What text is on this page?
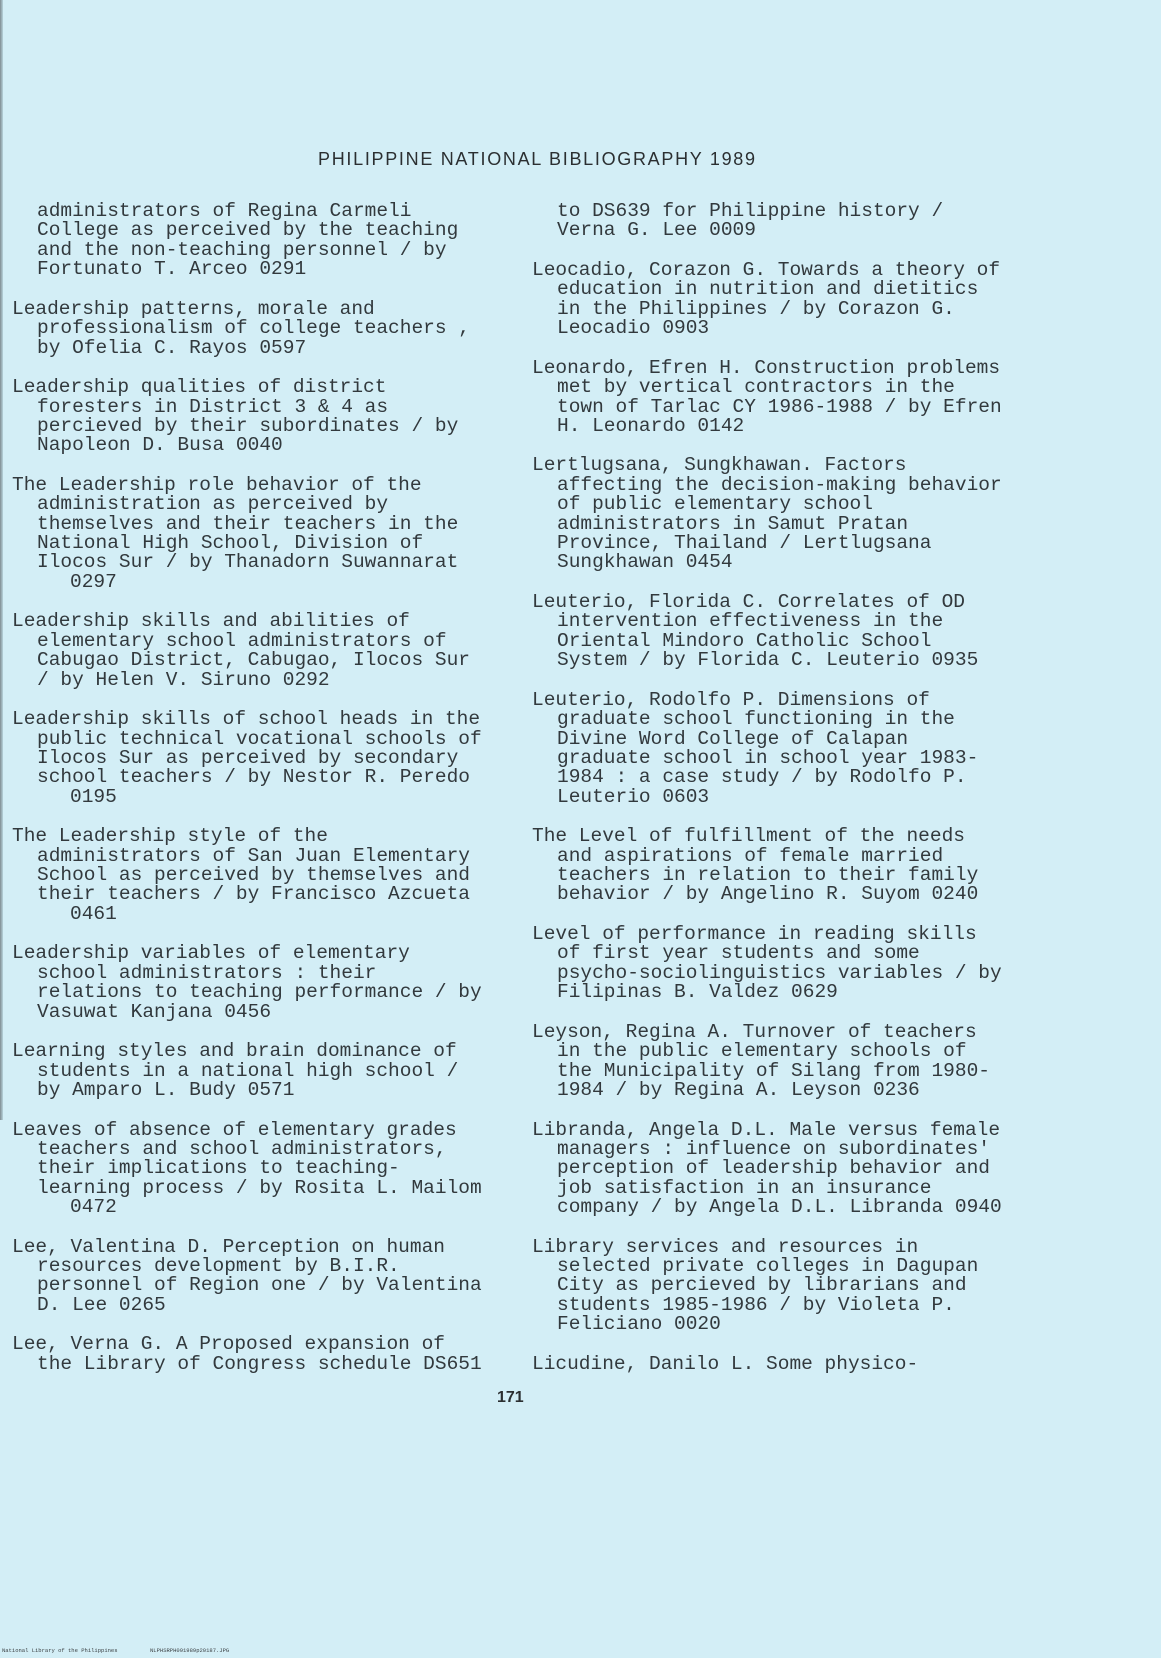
PHILIPPINE NATIONAL BIBLIOGRAPHY 1989
administrators of Regina Carmeli
College as perceived by the teaching
and the non-teaching personnel / by
Fortunato T. Arceo 0291
Leadership patterns, morale and
professionalism of college teachers ,
by Ofelia C. Rayos 0597
Leadership qualities of district
foresters in District 3 & 4 as
percieved by their subordinates / by
Napoleon D. Busa 0040
The Leadership role behavior of the
administration as perceived by
themselves and their teachers in the
National High School, Division of
Ilocos Sur / by Thanadorn Suwannarat
0297
Leadership skills and abilities of
elementary school administrators of
Cabugao District, Cabugao, Ilocos Sur
/ by Helen V. Siruno 0292
Leadership skills of school heads in the
public technical vocational schools of
Ilocos Sur as perceived by secondary
school teachers / by Nestor R. Peredo
0195
The Leadership style of the
administrators of San Juan Elementary
School as perceived by themselves and
their teachers / by Francisco Azcueta
0461
Leadership variables of elementary
school administrators : their
relations to teaching performance / by
Vasuwat Kanjana 0456
Learning styles and brain dominance of
students in a national high school /
by Amparo L. Budy 0571
Leaves of absence of elementary grades
teachers and school administrators,
their implications to teaching-
learning process / by Rosita L. Mailom
0472
Lee, Valentina D. Perception on human
resources development by B.I.R.
personnel of Region one / by Valentina
D. Lee 0265
Lee, Verna G. A Proposed expansion of
the Library of Congress schedule DS651
to DS639 for Philippine history /
Verna G. Lee 0009
Leocadio, Corazon G. Towards a theory of
education in nutrition and dietitics
in the Philippines / by Corazon G.
Leocadio 0903
Leonardo, Efren H. Construction problems
met by vertical contractors in the
town of Tarlac CY 1986-1988 / by Efren
H. Leonardo 0142
Lertlugsana, Sungkhawan. Factors
affecting the decision-making behavior
of public elementary school
administrators in Samut Pratan
Province, Thailand / Lertlugsana
Sungkhawan 0454
Leuterio, Florida C. Correlates of OD
intervention effectiveness in the
Oriental Mindoro Catholic School
System / by Florida C. Leuterio 0935
Leuterio, Rodolfo P. Dimensions of
graduate school functioning in the
Divine Word College of Calapan
graduate school in school year 1983-
1984 : a case study / by Rodolfo P.
Leuterio 0603
The Level of fulfillment of the needs
and aspirations of female married
teachers in relation to their family
behavior / by Angelino R. Suyom 0240
Level of performance in reading skills
of first year students and some
psycho-sociolinguistics variables / by
Filipinas B. Valdez 0629
Leyson, Regina A. Turnover of teachers
in the public elementary schools of
the Municipality of Silang from 1980-
1984 / by Regina A. Leyson 0236
Libranda, Angela D.L. Male versus female
managers : influence on subordinates'
perception of leadership behavior and
job satisfaction in an insurance
company / by Angela D.L. Libranda 0940
Library services and resources in
selected private colleges in Dagupan
City as percieved by librarians and
students 1985-1986 / by Violeta P.
Feliciano 0020
Licudine, Danilo L. Some physico-
171
National Library of the Philippines	NLPHSRPH091989p20187.JPG
